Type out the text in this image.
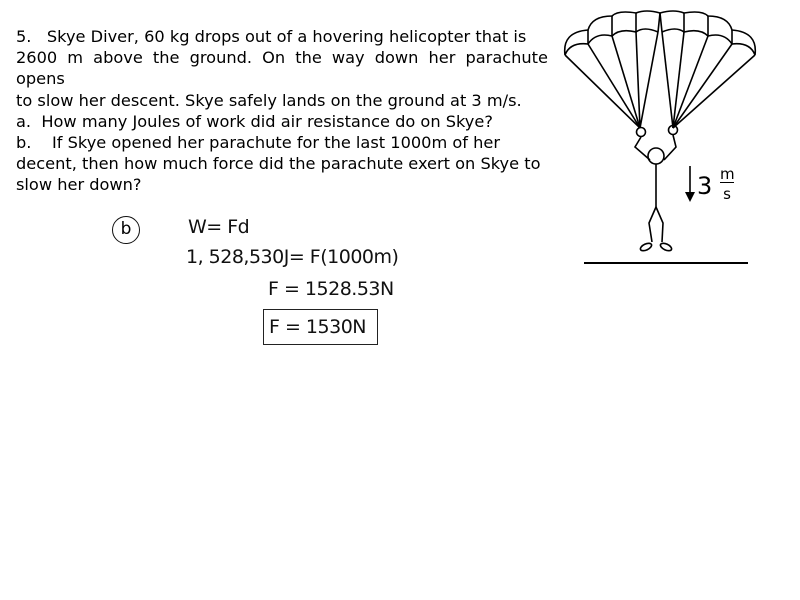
5.   Skye Diver, 60 kg drops out of a hovering helicopter that is

2600 m above the ground. On the way down her parachute opens

to slow her descent. Skye safely lands on the ground at 3 m/s.

a.  How many Joules of work did air resistance do on Skye?

b.    If Skye opened her parachute for the last 1000m of her

decent, then how much force did the parachute exert on Skye to

slow her down?

b	W= Fd
1, 528,530J= F(1000m)
F = 1528.53N
F = 1530N
3 m
s
